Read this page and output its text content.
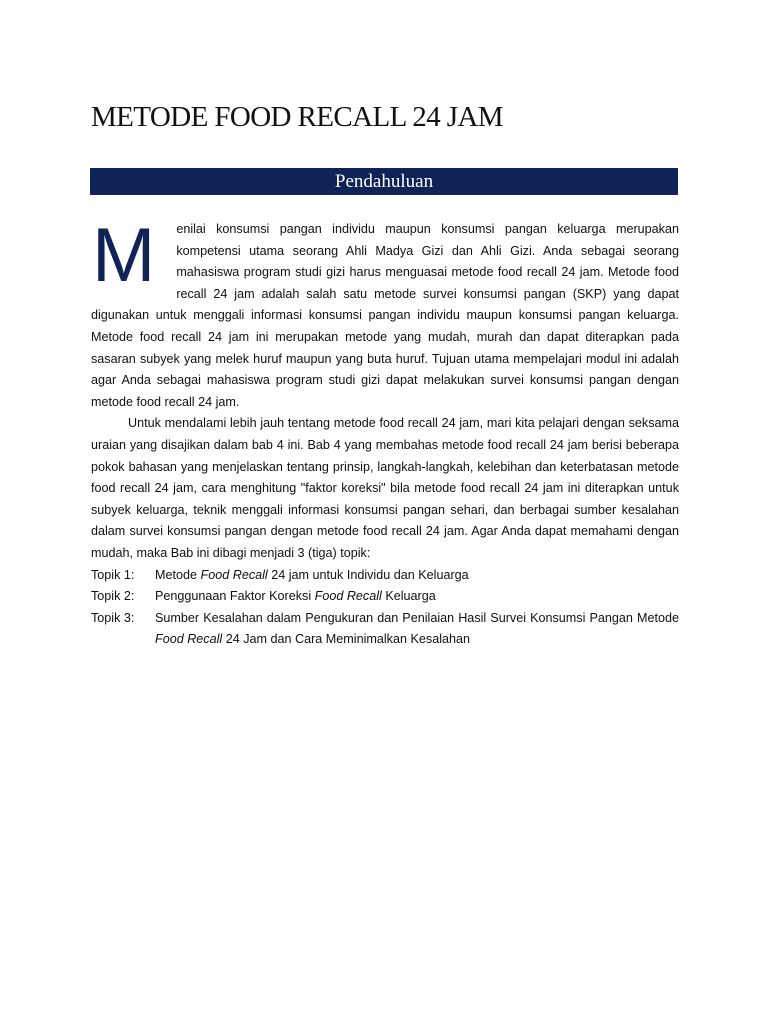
METODE FOOD RECALL 24 JAM
Pendahuluan

M enilai konsumsi pangan individu maupun konsumsi pangan keluarga merupakan kompetensi utama seorang Ahli Madya Gizi dan Ahli Gizi. Anda sebagai seorang mahasiswa program studi gizi harus menguasai metode food recall 24 jam. Metode food recall 24 jam adalah salah satu metode survei konsumsi pangan (SKP) yang dapat digunakan untuk menggali informasi konsumsi pangan individu maupun konsumsi pangan keluarga. Metode food recall 24 jam ini merupakan metode yang mudah, murah dan dapat diterapkan pada sasaran subyek yang melek huruf maupun yang buta huruf. Tujuan utama mempelajari modul ini adalah agar Anda sebagai mahasiswa program studi gizi dapat melakukan survei konsumsi pangan dengan metode food recall 24 jam.

Untuk mendalami lebih jauh tentang metode food recall 24 jam, mari kita pelajari dengan seksama uraian yang disajikan dalam bab 4 ini. Bab 4 yang membahas metode food recall 24 jam berisi beberapa pokok bahasan yang menjelaskan tentang prinsip, langkah-langkah, kelebihan dan keterbatasan metode food recall 24 jam, cara menghitung "faktor koreksi" bila metode food recall 24 jam ini diterapkan untuk subyek keluarga, teknik menggali informasi konsumsi pangan sehari, dan berbagai sumber kesalahan dalam survei konsumsi pangan dengan metode food recall 24 jam. Agar Anda dapat memahami dengan mudah, maka Bab ini dibagi menjadi 3 (tiga) topik:

Topik 1:	Metode Food Recall 24 jam untuk Individu dan Keluarga
Topik 2:	Penggunaan Faktor Koreksi Food Recall Keluarga
Topik 3:	Sumber Kesalahan dalam Pengukuran dan Penilaian Hasil Survei Konsumsi Pangan Metode Food Recall 24 Jam dan Cara Meminimalkan Kesalahan
